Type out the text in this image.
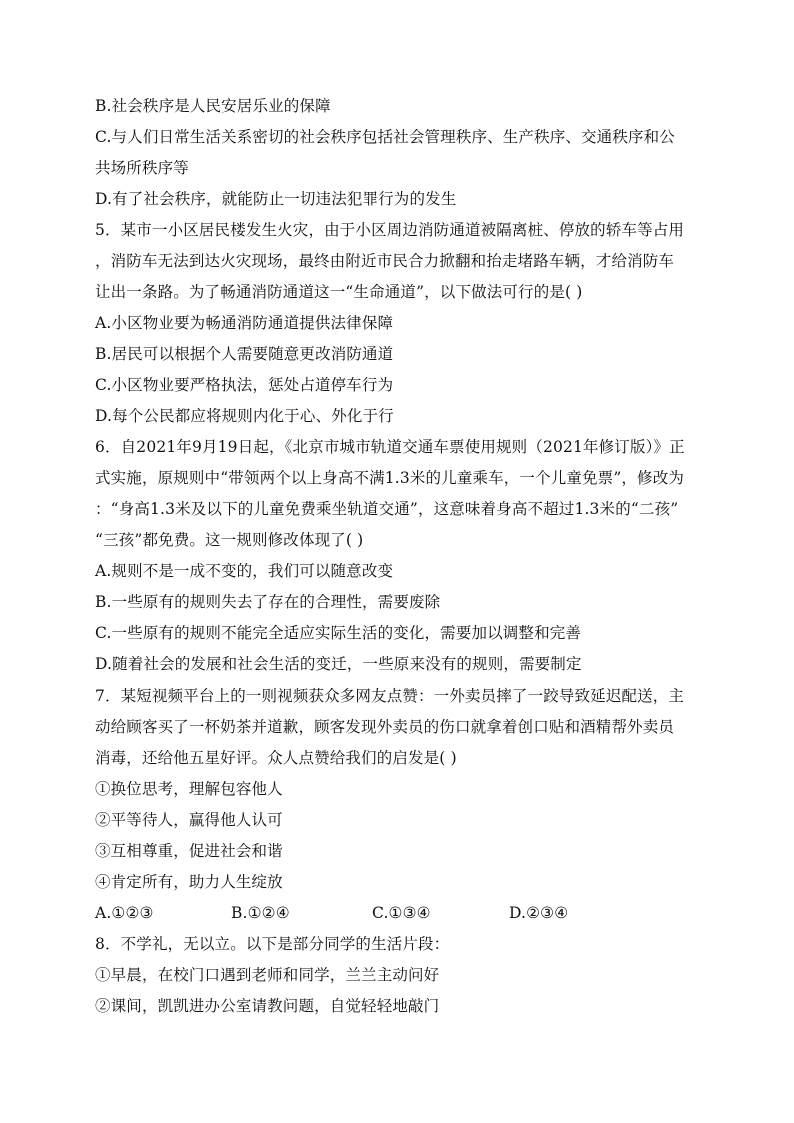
B.社会秩序是人民安居乐业的保障
C.与人们日常生活关系密切的社会秩序包括社会管理秩序、生产秩序、交通秩序和公
共场所秩序等
D.有了社会秩序，就能防止一切违法犯罪行为的发生
5．某市一小区居民楼发生火灾，由于小区周边消防通道被隔离桩、停放的轿车等占用
，消防车无法到达火灾现场，最终由附近市民合力掀翻和抬走堵路车辆，才给消防车
让出一条路。为了畅通消防通道这一“生命通道”，以下做法可行的是( )
A.小区物业要为畅通消防通道提供法律保障
B.居民可以根据个人需要随意更改消防通道
C.小区物业要严格执法，惩处占道停车行为
D.每个公民都应将规则内化于心、外化于行
6．自2021年9月19日起，《北京市城市轨道交通车票使用规则（2021年修订版）》正
式实施，原规则中“带领两个以上身高不满1.3米的儿童乘车，一个儿童免票”，修改为
：“身高1.3米及以下的儿童免费乘坐轨道交通”，这意味着身高不超过1.3米的“二孩”
“三孩”都免费。这一规则修改体现了( )
A.规则不是一成不变的，我们可以随意改变
B.一些原有的规则失去了存在的合理性，需要废除
C.一些原有的规则不能完全适应实际生活的变化，需要加以调整和完善
D.随着社会的发展和社会生活的变迁，一些原来没有的规则，需要制定
7．某短视频平台上的一则视频获众多网友点赞：一外卖员摔了一跤导致延迟配送，主
动给顾客买了一杯奶茶并道歉，顾客发现外卖员的伤口就拿着创口贴和酒精帮外卖员
消毒，还给他五星好评。众人点赞给我们的启发是( )
①换位思考，理解包容他人
②平等待人，赢得他人认可
③互相尊重，促进社会和谐
④肯定所有，助力人生绽放
A.①②③	B.①②④	C.①③④	D.②③④
8．不学礼，无以立。以下是部分同学的生活片段：
①早晨，在校门口遇到老师和同学，兰兰主动问好
②课间，凯凯进办公室请教问题，自觉轻轻地敲门
